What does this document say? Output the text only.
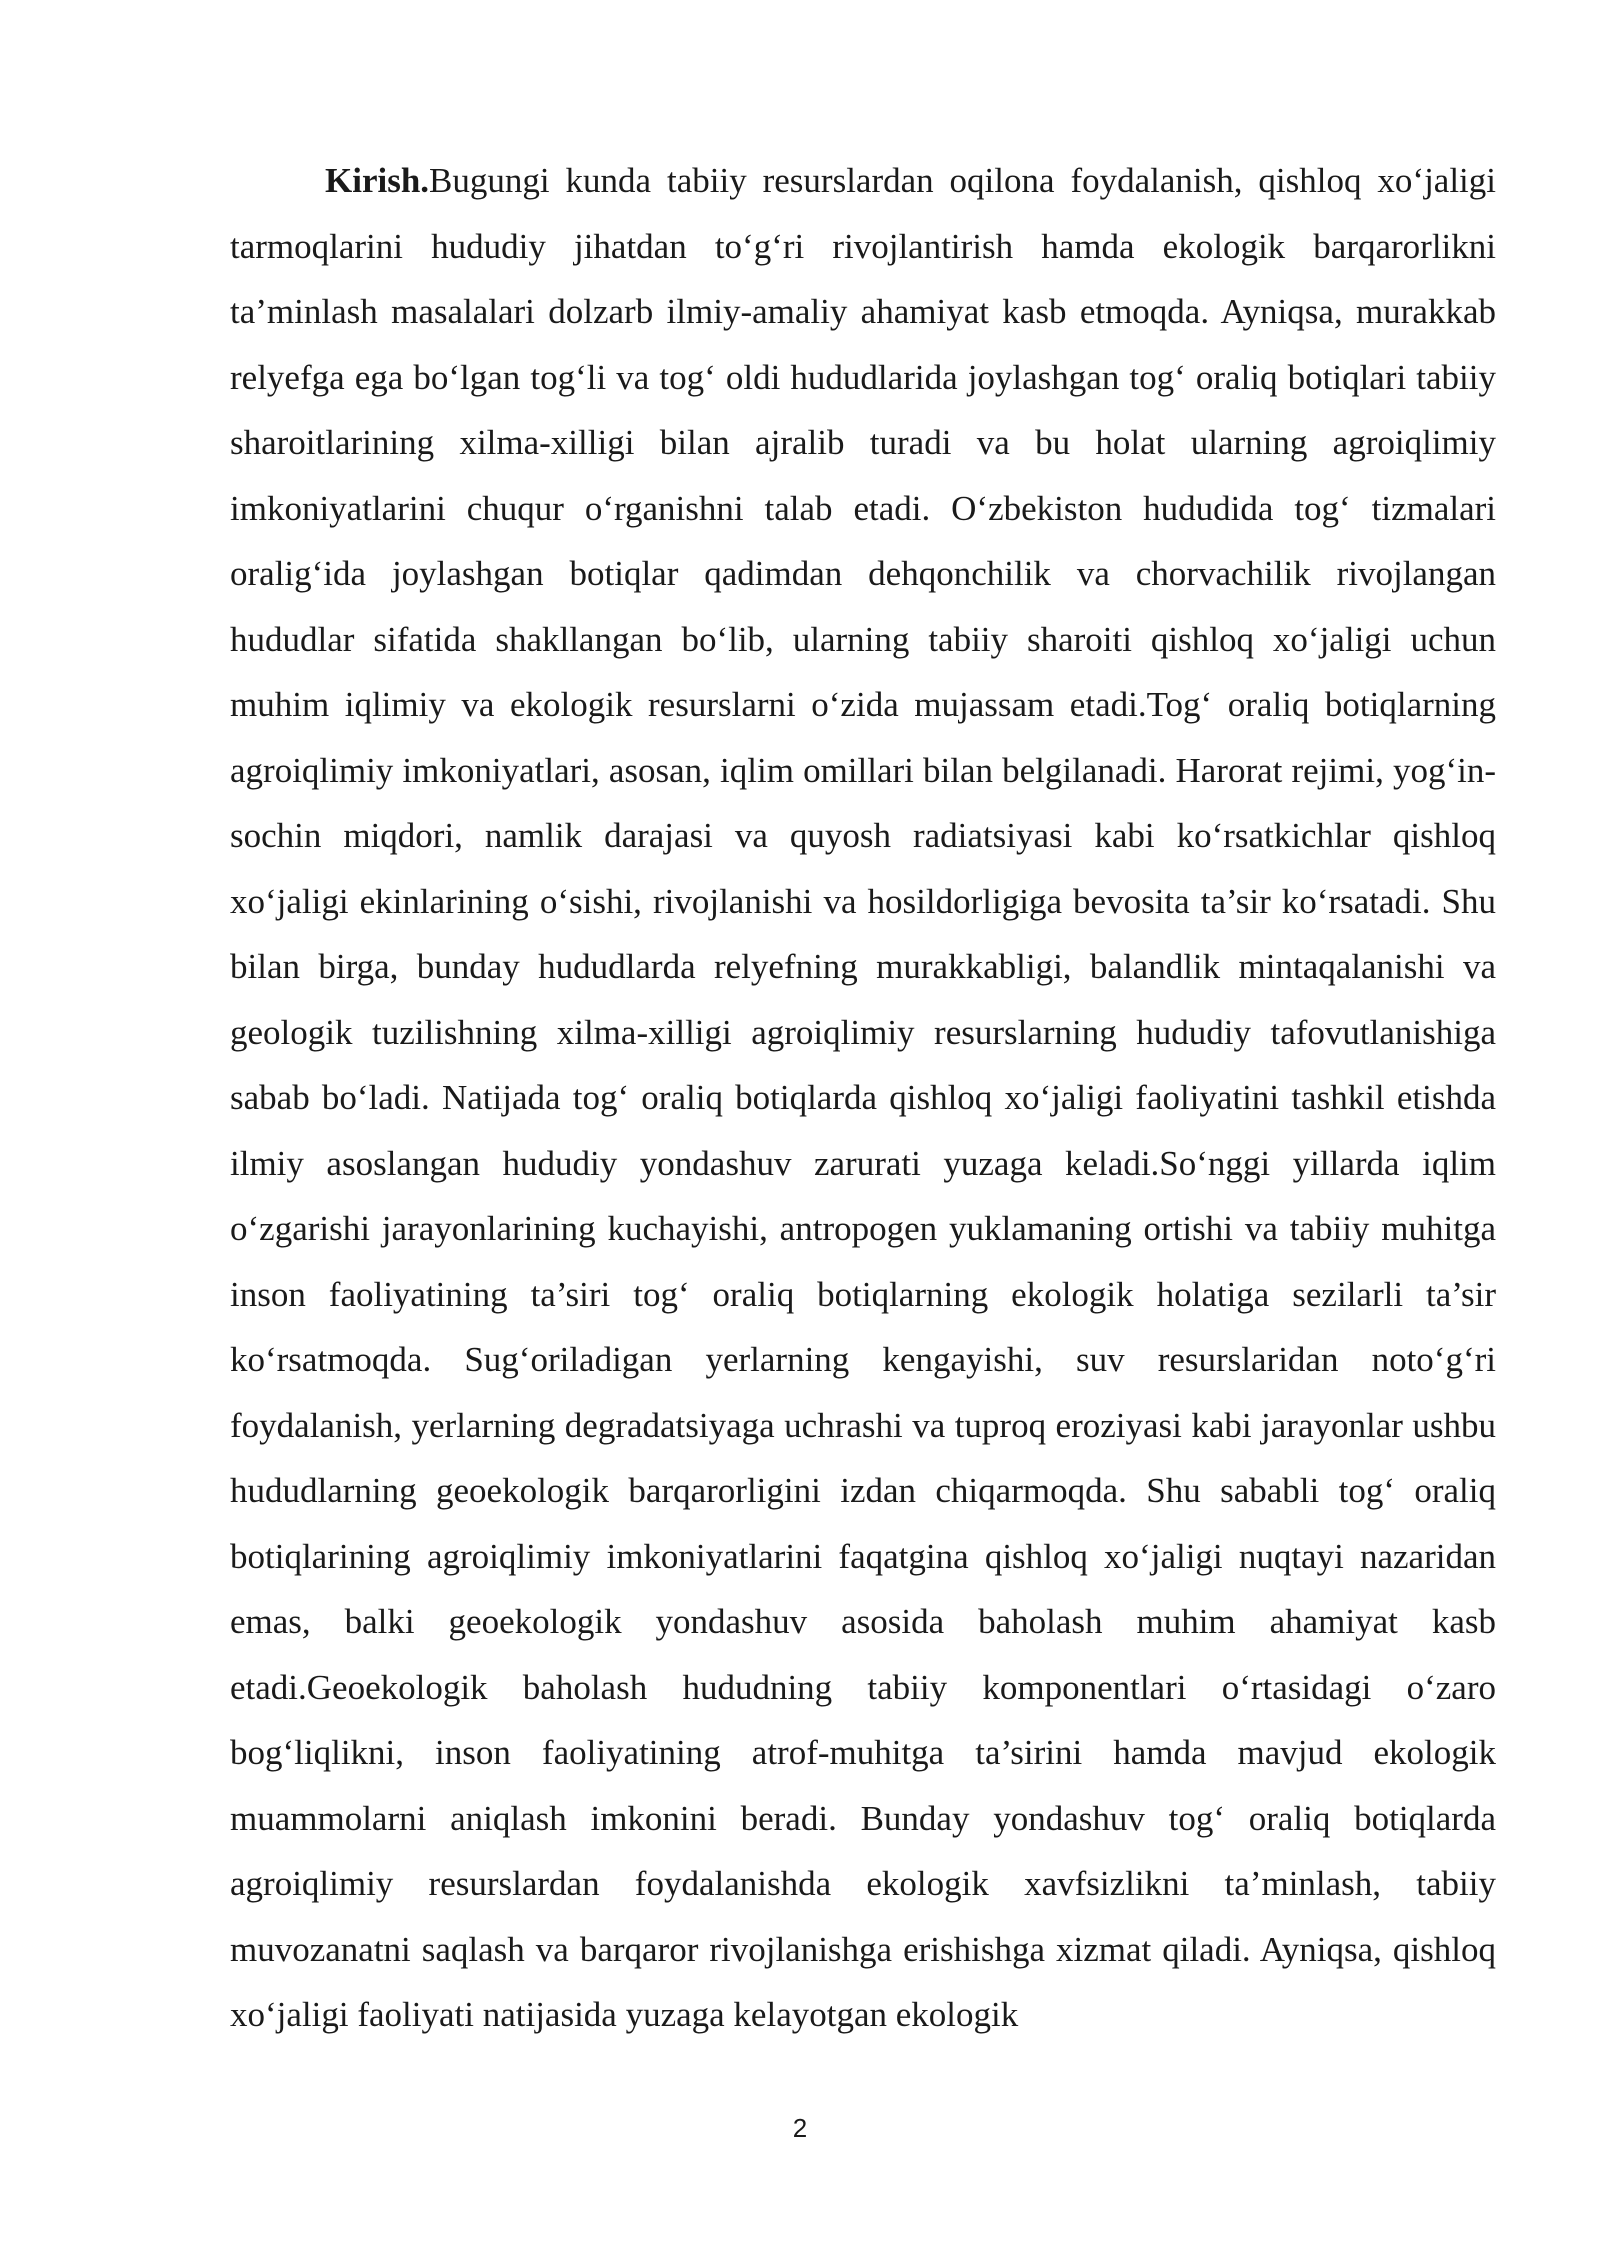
Kirish.Bugungi kunda tabiiy resurslardan oqilona foydalanish, qishloq xo‘jaligi tarmoqlarini hududiy jihatdan to‘g‘ri rivojlantirish hamda ekologik barqarorlikni ta’minlash masalalari dolzarb ilmiy-amaliy ahamiyat kasb etmoqda. Ayniqsa, murakkab relyefga ega bo‘lgan tog‘li va tog‘ oldi hududlarida joylashgan tog‘ oraliq botiqlari tabiiy sharoitlarining xilma-xilligi bilan ajralib turadi va bu holat ularning agroiqlimiy imkoniyatlarini chuqur o‘rganishni talab etadi. O‘zbekiston hududida tog‘ tizmalari oralig‘ida joylashgan botiqlar qadimdan dehqonchilik va chorvachilik rivojlangan hududlar sifatida shakllangan bo‘lib, ularning tabiiy sharoiti qishloq xo‘jaligi uchun muhim iqlimiy va ekologik resurslarni o‘zida mujassam etadi.Tog‘ oraliq botiqlarning agroiqlimiy imkoniyatlari, asosan, iqlim omillari bilan belgilanadi. Harorat rejimi, yog‘in-sochin miqdori, namlik darajasi va quyosh radiatsiyasi kabi ko‘rsatkichlar qishloq xo‘jaligi ekinlarining o‘sishi, rivojlanishi va hosildorligiga bevosita ta’sir ko‘rsatadi. Shu bilan birga, bunday hududlarda relyefning murakkabligi, balandlik mintaqalanishi va geologik tuzilishning xilma-xilligi agroiqlimiy resurslarning hududiy tafovutlanishiga sabab bo‘ladi. Natijada tog‘ oraliq botiqlarda qishloq xo‘jaligi faoliyatini tashkil etishda ilmiy asoslangan hududiy yondashuv zarurati yuzaga keladi.So‘nggi yillarda iqlim o‘zgarishi jarayonlarining kuchayishi, antropogen yuklamaning ortishi va tabiiy muhitga inson faoliyatining ta’siri tog‘ oraliq botiqlarning ekologik holatiga sezilarli ta’sir ko‘rsatmoqda. Sug‘oriladigan yerlarning kengayishi, suv resurslaridan noto‘g‘ri foydalanish, yerlarning degradatsiyaga uchrashi va tuproq eroziyasi kabi jarayonlar ushbu hududlarning geoekologik barqarorligini izdan chiqarmoqda. Shu sababli tog‘ oraliq botiqlarining agroiqlimiy imkoniyatlarini faqatgina qishloq xo‘jaligi nuqtayi nazaridan emas, balki geoekologik yondashuv asosida baholash muhim ahamiyat kasb etadi.Geoekologik baholash hududning tabiiy komponentlari o‘rtasidagi o‘zaro bog‘liqlikni, inson faoliyatining atrof-muhitga ta’sirini hamda mavjud ekologik muammolarni aniqlash imkonini beradi. Bunday yondashuv tog‘ oraliq botiqlarda agroiqlimiy resurslardan foydalanishda ekologik xavfsizlikni ta’minlash, tabiiy muvozanatni saqlash va barqaror rivojlanishga erishishga xizmat qiladi. Ayniqsa, qishloq xo‘jaligi faoliyati natijasida yuzaga kelayotgan ekologik

2
